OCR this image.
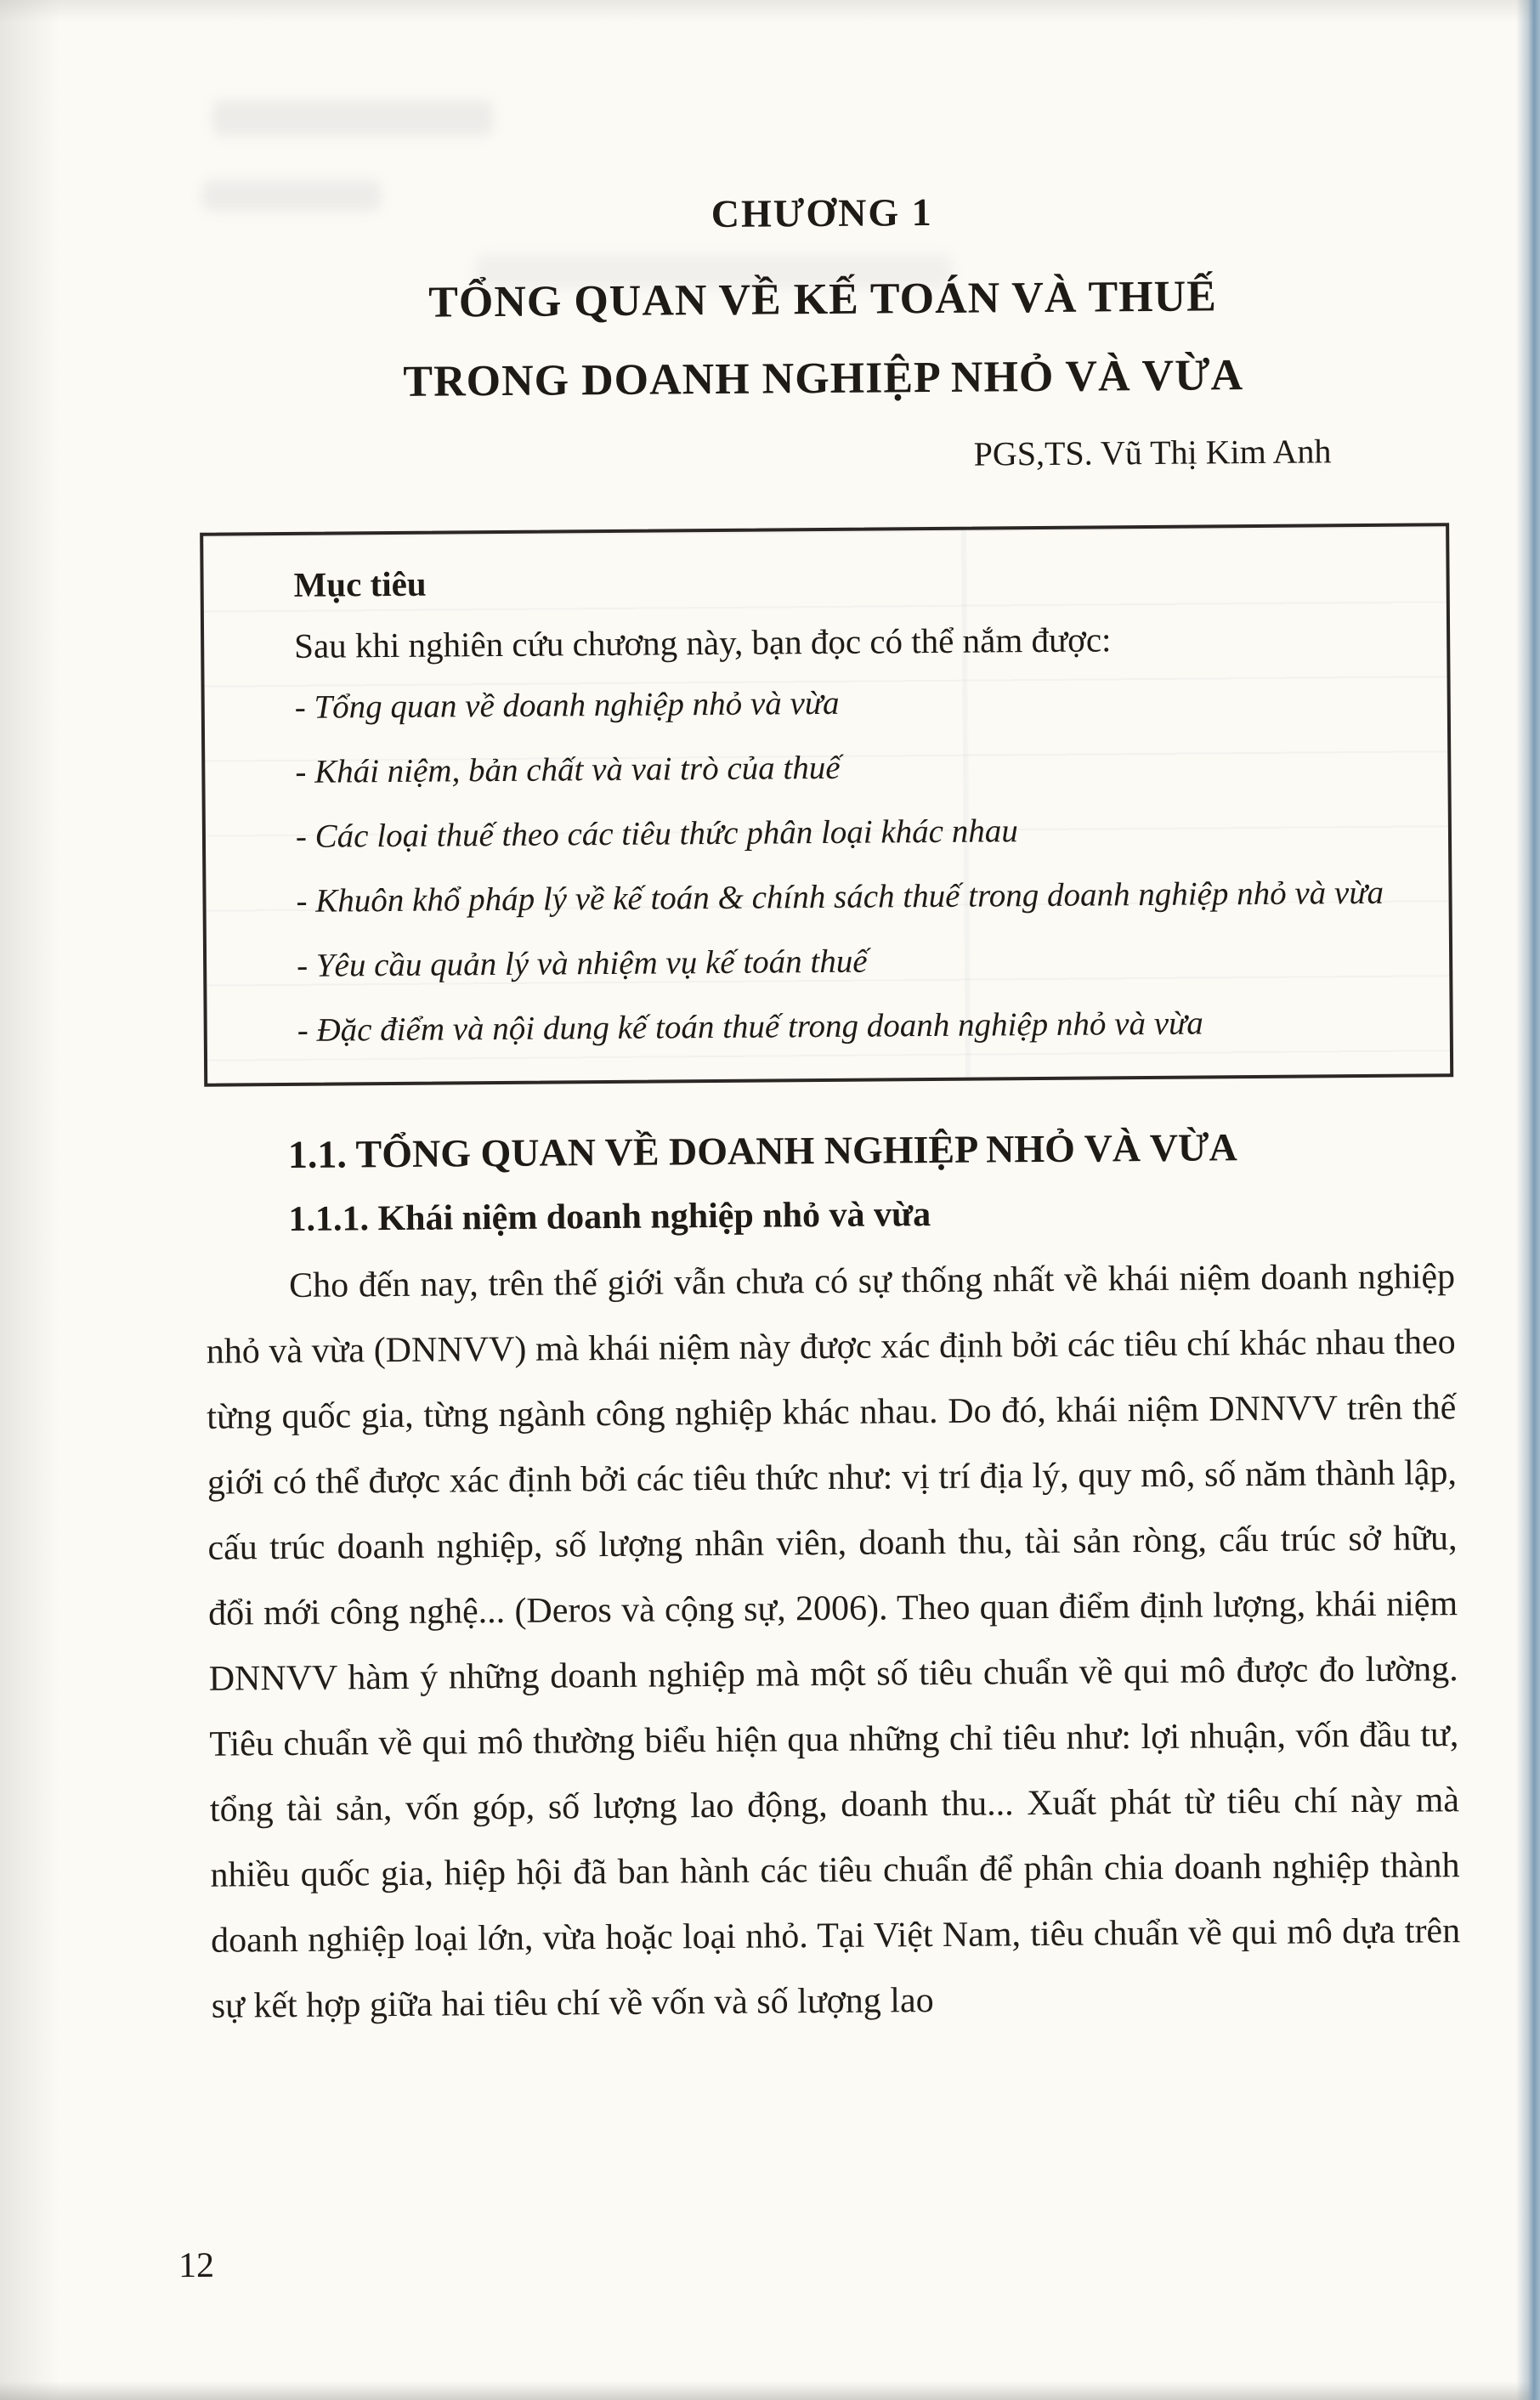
CHƯƠNG 1
TỔNG QUAN VỀ KẾ TOÁN VÀ THUẾ
TRONG DOANH NGHIỆP NHỎ VÀ VỪA
PGS,TS. Vũ Thị Kim Anh
Mục tiêu
Sau khi nghiên cứu chương này, bạn đọc có thể nắm được:
- Tổng quan về doanh nghiệp nhỏ và vừa
- Khái niệm, bản chất và vai trò của thuế
- Các loại thuế theo các tiêu thức phân loại khác nhau
- Khuôn khổ pháp lý về kế toán & chính sách thuế trong doanh nghiệp nhỏ và vừa
- Yêu cầu quản lý và nhiệm vụ kế toán thuế
- Đặc điểm và nội dung kế toán thuế trong doanh nghiệp nhỏ và vừa
1.1. TỔNG QUAN VỀ DOANH NGHIỆP NHỎ VÀ VỪA
1.1.1. Khái niệm doanh nghiệp nhỏ và vừa

Cho đến nay, trên thế giới vẫn chưa có sự thống nhất về khái niệm doanh nghiệp nhỏ và vừa (DNNVV) mà khái niệm này được xác định bởi các tiêu chí khác nhau theo từng quốc gia, từng ngành công nghiệp khác nhau. Do đó, khái niệm DNNVV trên thế giới có thể được xác định bởi các tiêu thức như: vị trí địa lý, quy mô, số năm thành lập, cấu trúc doanh nghiệp, số lượng nhân viên, doanh thu, tài sản ròng, cấu trúc sở hữu, đổi mới công nghệ... (Deros và cộng sự, 2006). Theo quan điểm định lượng, khái niệm DNNVV hàm ý những doanh nghiệp mà một số tiêu chuẩn về qui mô được đo lường. Tiêu chuẩn về qui mô thường biểu hiện qua những chỉ tiêu như: lợi nhuận, vốn đầu tư, tổng tài sản, vốn góp, số lượng lao động, doanh thu... Xuất phát từ tiêu chí này mà nhiều quốc gia, hiệp hội đã ban hành các tiêu chuẩn để phân chia doanh nghiệp thành doanh nghiệp loại lớn, vừa hoặc loại nhỏ. Tại Việt Nam, tiêu chuẩn về qui mô dựa trên sự kết hợp giữa hai tiêu chí về vốn và số lượng lao

12
